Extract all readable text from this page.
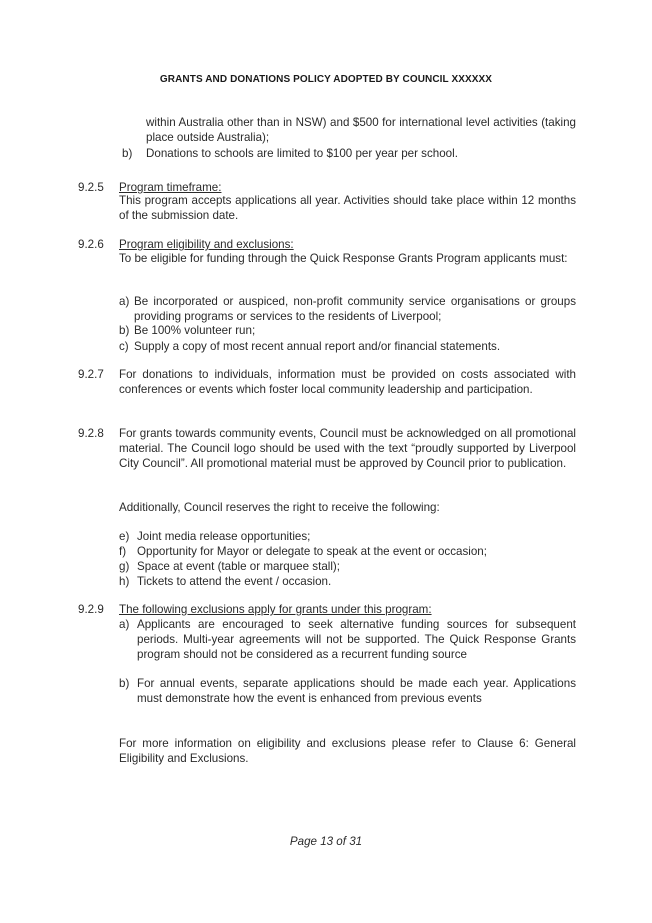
GRANTS AND DONATIONS POLICY ADOPTED BY COUNCIL XXXXXX
within Australia other than in NSW) and $500 for international level activities (taking place outside Australia);
b) Donations to schools are limited to $100 per year per school.
9.2.5 Program timeframe:
This program accepts applications all year. Activities should take place within 12 months of the submission date.
9.2.6 Program eligibility and exclusions:
To be eligible for funding through the Quick Response Grants Program applicants must:
a) Be incorporated or auspiced, non-profit community service organisations or groups providing programs or services to the residents of Liverpool;
b) Be 100% volunteer run;
c) Supply a copy of most recent annual report and/or financial statements.
9.2.7 For donations to individuals, information must be provided on costs associated with conferences or events which foster local community leadership and participation.
9.2.8 For grants towards community events, Council must be acknowledged on all promotional material. The Council logo should be used with the text “proudly supported by Liverpool City Council”. All promotional material must be approved by Council prior to publication.
Additionally, Council reserves the right to receive the following:
e) Joint media release opportunities;
f) Opportunity for Mayor or delegate to speak at the event or occasion;
g) Space at event (table or marquee stall);
h) Tickets to attend the event / occasion.
9.2.9 The following exclusions apply for grants under this program:
a) Applicants are encouraged to seek alternative funding sources for subsequent periods. Multi-year agreements will not be supported. The Quick Response Grants program should not be considered as a recurrent funding source
b) For annual events, separate applications should be made each year. Applications must demonstrate how the event is enhanced from previous events
For more information on eligibility and exclusions please refer to Clause 6: General Eligibility and Exclusions.
Page 13 of 31
